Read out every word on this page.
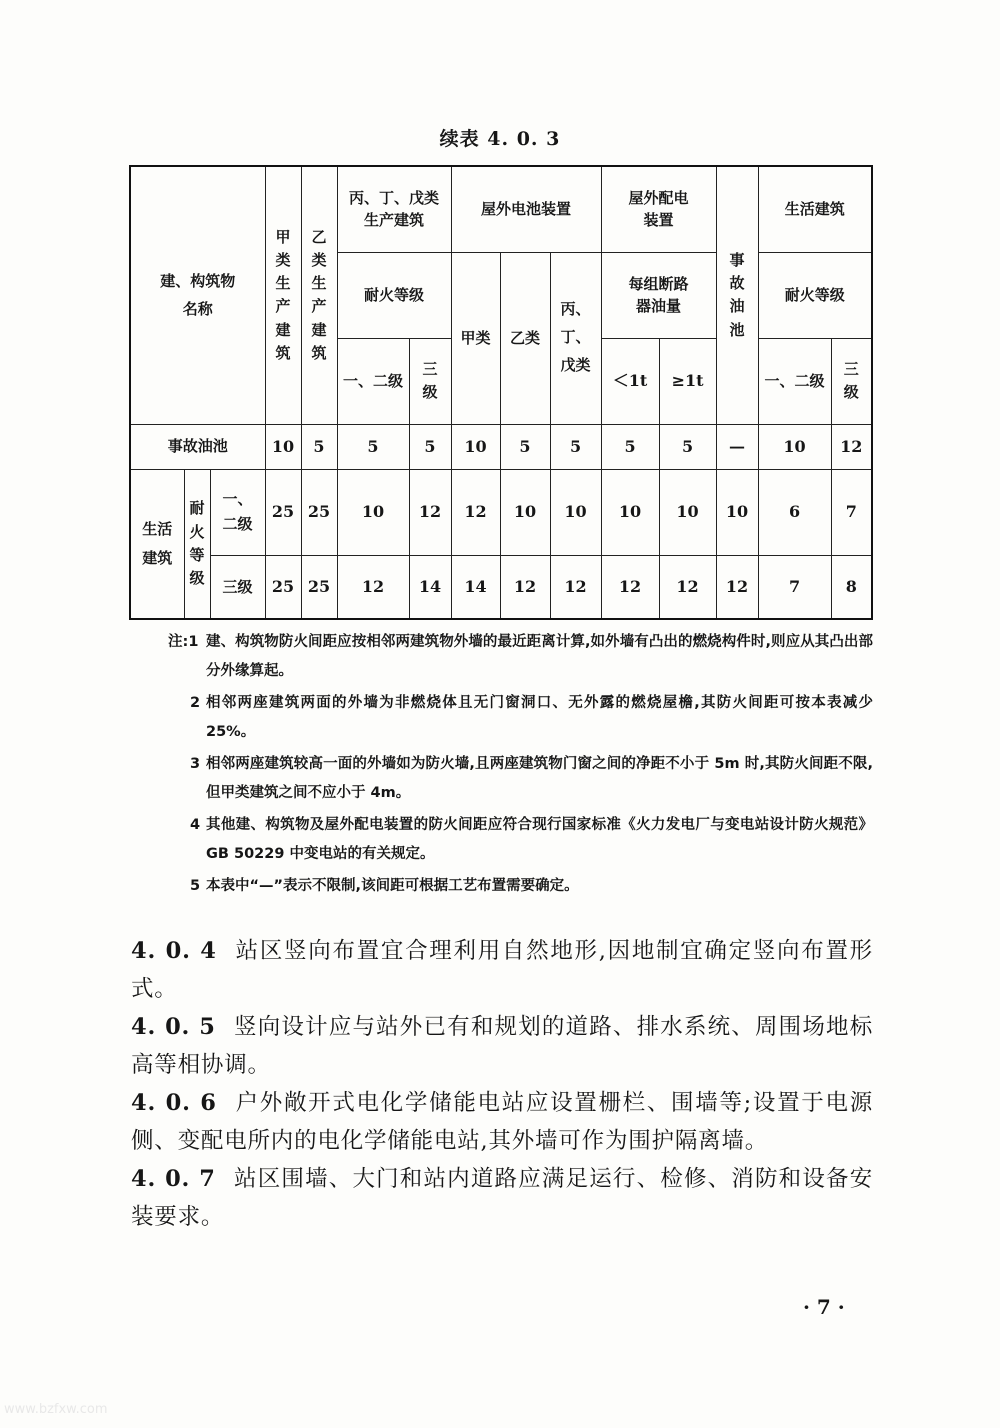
续表 4. 0. 3
建、构筑物名称			甲类生产建筑	乙类生产建筑	丙、丁、戊类生产建筑		屋外电池装置			屋外配电装置		事故油池	生活建筑	
					耐火等级		甲类	乙类	丙、丁、戊类	每组断路器油量			耐火等级	
					一、二级	三级				＜1t	≥1t		一、二级	三级
事故油池			10	5	5	5	10	5	5	5	5	—	10	12
生活建筑	耐火等级	一、二级	25	25	10	12	12	10	10	10	10	10	6	7
		三级	25	25	12	14	14	12	12	12	12	12	7	8
注:1 建、构筑物防火间距应按相邻两建筑物外墙的最近距离计算,如外墙有凸出的燃烧构件时,则应从其凸出部分外缘算起。
2 相邻两座建筑两面的外墙为非燃烧体且无门窗洞口、无外露的燃烧屋檐,其防火间距可按本表减少 25%。
3 相邻两座建筑较高一面的外墙如为防火墙,且两座建筑物门窗之间的净距不小于 5m 时,其防火间距不限,但甲类建筑之间不应小于 4m。
4 其他建、构筑物及屋外配电装置的防火间距应符合现行国家标准《火力发电厂与变电站设计防火规范》GB 50229 中变电站的有关规定。
5 本表中“—”表示不限制,该间距可根据工艺布置需要确定。
4. 0. 4 站区竖向布置宜合理利用自然地形,因地制宜确定竖向布置形式。
4. 0. 5 竖向设计应与站外已有和规划的道路、排水系统、周围场地标高等相协调。
4. 0. 6 户外敞开式电化学储能电站应设置栅栏、围墙等;设置于电源侧、变配电所内的电化学储能电站,其外墙可作为围护隔离墙。
4. 0. 7 站区围墙、大门和站内道路应满足运行、检修、消防和设备安装要求。
· 7 ·
www.bzfxw.com
